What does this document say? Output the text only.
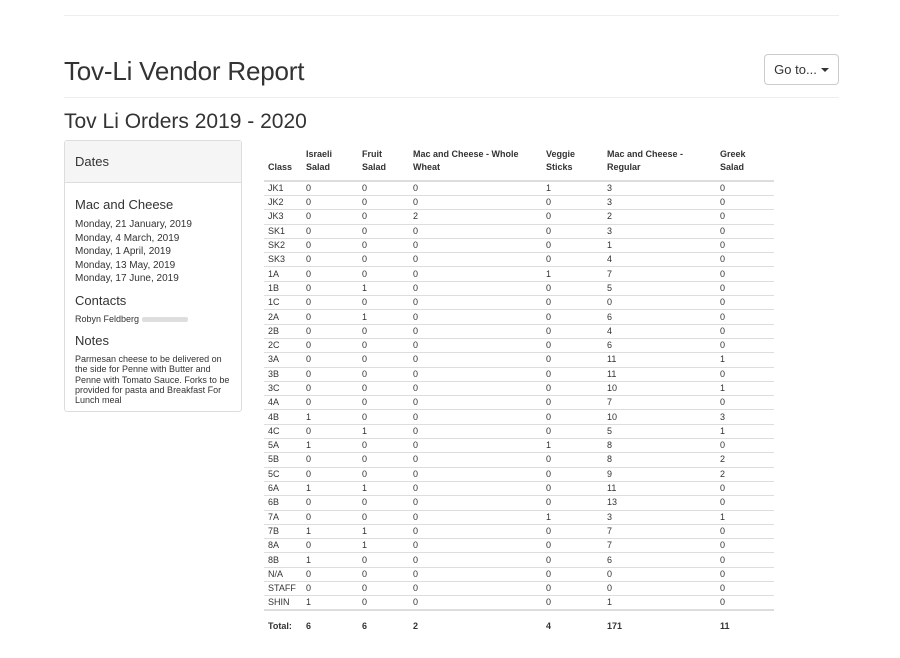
Tov-Li Vendor Report	Go to...
Tov Li Orders 2019 - 2020
Dates
Mac and Cheese
Monday, 21 January, 2019
Monday, 4 March, 2019
Monday, 1 April, 2019
Monday, 13 May, 2019
Monday, 17 June, 2019
Contacts
Robyn Feldberg
Notes
Parmesan cheese to be delivered on the side for Penne with Butter and Penne with Tomato Sauce. Forks to be provided for pasta and Breakfast For Lunch meal
Class	Israeli Salad	Fruit Salad	Mac and Cheese - Whole Wheat	Veggie Sticks	Mac and Cheese - Regular	Greek Salad
JK1	0	0	0	1	3	0
JK2	0	0	0	0	3	0
JK3	0	0	2	0	2	0
SK1	0	0	0	0	3	0
SK2	0	0	0	0	1	0
SK3	0	0	0	0	4	0
1A	0	0	0	1	7	0
1B	0	1	0	0	5	0
1C	0	0	0	0	0	0
2A	0	1	0	0	6	0
2B	0	0	0	0	4	0
2C	0	0	0	0	6	0
3A	0	0	0	0	11	1
3B	0	0	0	0	11	0
3C	0	0	0	0	10	1
4A	0	0	0	0	7	0
4B	1	0	0	0	10	3
4C	0	1	0	0	5	1
5A	1	0	0	1	8	0
5B	0	0	0	0	8	2
5C	0	0	0	0	9	2
6A	1	1	0	0	11	0
6B	0	0	0	0	13	0
7A	0	0	0	1	3	1
7B	1	1	0	0	7	0
8A	0	1	0	0	7	0
8B	1	0	0	0	6	0
N/A	0	0	0	0	0	0
STAFF	0	0	0	0	0	0
SHIN	1	0	0	0	1	0
Total:	6	6	2	4	171	11
